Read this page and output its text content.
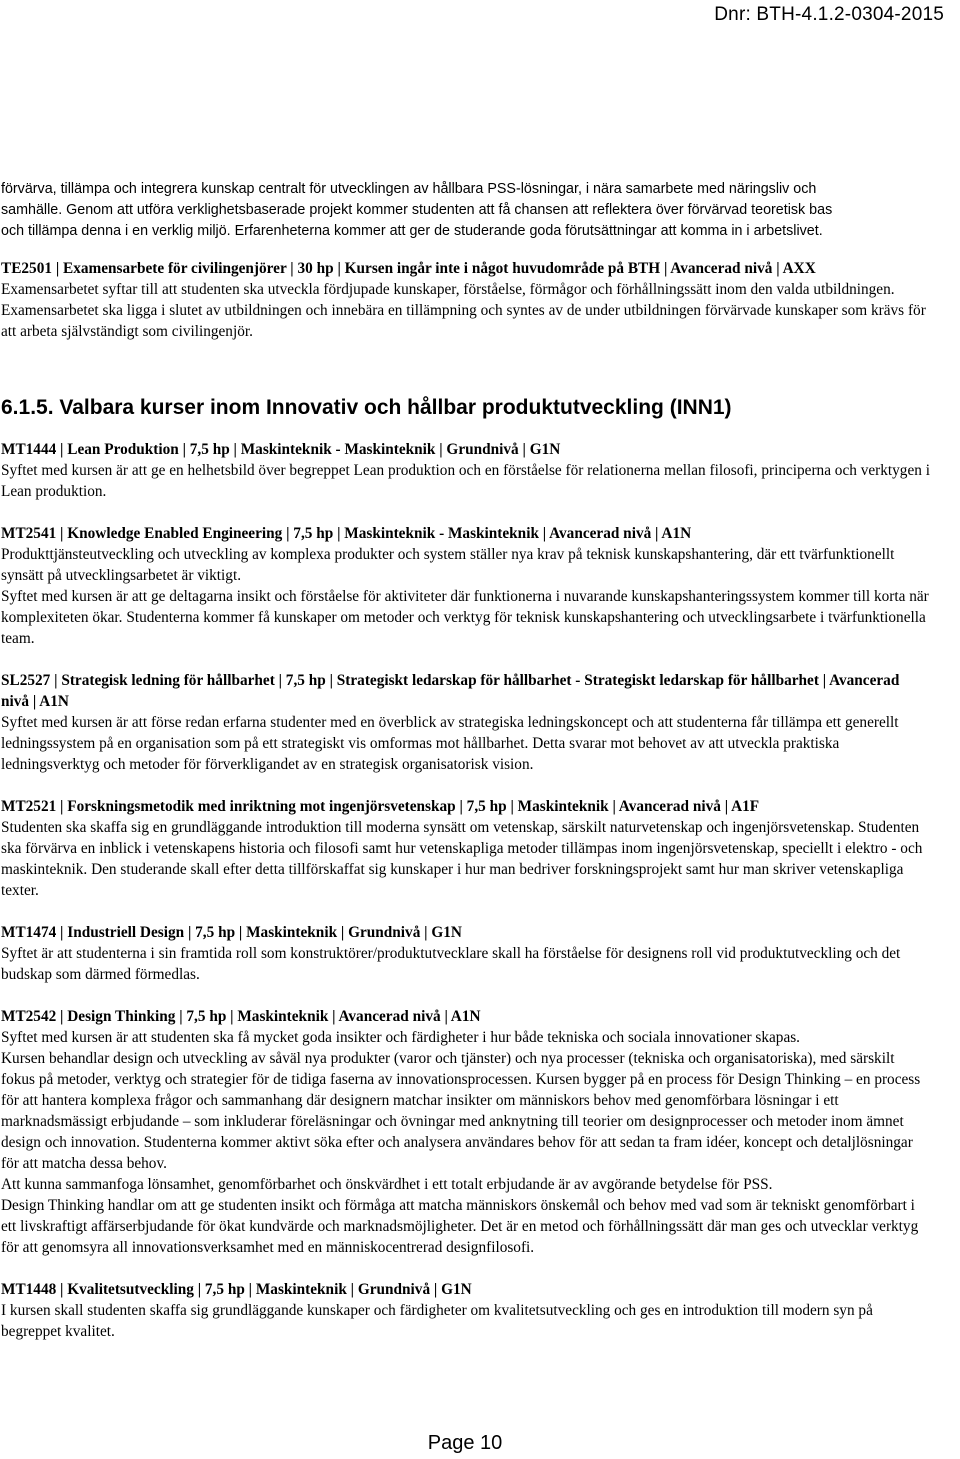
Dnr: BTH-4.1.2-0304-2015

förvärva, tillämpa och integrera kunskap centralt för utvecklingen av hållbara PSS-lösningar, i nära samarbete med näringsliv och

samhälle. Genom att utföra verklighetsbaserade projekt kommer studenten att få chansen att reflektera över förvärvad teoretisk bas

och tillämpa denna i en verklig miljö. Erfarenheterna kommer att ger de studerande goda förutsättningar att komma in i arbetslivet.

TE2501 | Examensarbete för civilingenjörer | 30 hp | Kursen ingår inte i något huvudområde på BTH | Avancerad nivå | AXX

Examensarbetet syftar till att studenten ska utveckla fördjupade kunskaper, förståelse, förmågor och förhållningssätt inom den valda utbildningen. Examensarbetet ska ligga i slutet av utbildningen och innebära en tillämpning och syntes av de under utbildningen förvärvade kunskaper som krävs för att arbeta självständigt som civilingenjör.

6.1.5. Valbara kurser inom Innovativ och hållbar produktutveckling (INN1)

MT1444 | Lean Produktion | 7,5 hp | Maskinteknik - Maskinteknik | Grundnivå | G1N

Syftet med kursen är att ge en helhetsbild över begreppet Lean produktion och en förståelse för relationerna mellan filosofi, principerna och verktygen i Lean produktion.

MT2541 | Knowledge Enabled Engineering | 7,5 hp | Maskinteknik - Maskinteknik | Avancerad nivå | A1N

Produkttjänsteutveckling och utveckling av komplexa produkter och system ställer nya krav på teknisk kunskapshantering, där ett tvärfunktionellt synsätt på utvecklingsarbetet är viktigt.

Syftet med kursen är att ge deltagarna insikt och förståelse för aktiviteter där funktionerna i nuvarande kunskapshanteringssystem kommer till korta när komplexiteten ökar. Studenterna kommer få kunskaper om metoder och verktyg för teknisk kunskapshantering och utvecklingsarbete i tvärfunktionella team.

SL2527 | Strategisk ledning för hållbarhet | 7,5 hp | Strategiskt ledarskap för hållbarhet - Strategiskt ledarskap för hållbarhet | Avancerad nivå | A1N

Syftet med kursen är att förse redan erfarna studenter med en överblick av strategiska ledningskoncept och att studenterna får tillämpa ett generellt ledningssystem på en organisation som på ett strategiskt vis omformas mot hållbarhet. Detta svarar mot behovet av att utveckla praktiska ledningsverktyg och metoder för förverkligandet av en strategisk organisatorisk vision.

MT2521 | Forskningsmetodik med inriktning mot ingenjörsvetenskap | 7,5 hp | Maskinteknik | Avancerad nivå | A1F

Studenten ska skaffa sig en grundläggande introduktion till moderna synsätt om vetenskap, särskilt naturvetenskap och ingenjörsvetenskap. Studenten ska förvärva en inblick i vetenskapens historia och filosofi samt hur vetenskapliga metoder tillämpas inom ingenjörsvetenskap, speciellt i elektro - och maskinteknik. Den studerande skall efter detta tillförskaffat sig kunskaper i hur man bedriver forskningsprojekt samt hur man skriver vetenskapliga texter.

MT1474 | Industriell Design | 7,5 hp | Maskinteknik | Grundnivå | G1N

Syftet är att studenterna i sin framtida roll som konstruktörer/produktutvecklare skall ha förståelse för designens roll vid produktutveckling och det budskap som därmed förmedlas.

MT2542 | Design Thinking | 7,5 hp | Maskinteknik | Avancerad nivå | A1N

Syftet med kursen är att studenten ska få mycket goda insikter och färdigheter i hur både tekniska och sociala innovationer skapas.

Kursen behandlar design och utveckling av såväl nya produkter (varor och tjänster) och nya processer (tekniska och organisatoriska), med särskilt fokus på metoder, verktyg och strategier för de tidiga faserna av innovationsprocessen. Kursen bygger på en process för Design Thinking – en process för att hantera komplexa frågor och sammanhang där designern matchar insikter om människors behov med genomförbara lösningar i ett marknadsmässigt erbjudande – som inkluderar föreläsningar och övningar med anknytning till teorier om designprocesser och metoder inom ämnet design och innovation. Studenterna kommer aktivt söka efter och analysera användares behov för att sedan ta fram idéer, koncept och detaljlösningar för att matcha dessa behov.

Att kunna sammanfoga lönsamhet, genomförbarhet och önskvärdhet i ett totalt erbjudande är av avgörande betydelse för PSS.

Design Thinking handlar om att ge studenten insikt och förmåga att matcha människors önskemål och behov med vad som är tekniskt genomförbart i ett livskraftigt affärserbjudande för ökat kundvärde och marknadsmöjligheter. Det är en metod och förhållningssätt där man ges och utvecklar verktyg för att genomsyra all innovationsverksamhet med en människocentrerad designfilosofi.

MT1448 | Kvalitetsutveckling | 7,5 hp | Maskinteknik | Grundnivå | G1N

I kursen skall studenten skaffa sig grundläggande kunskaper och färdigheter om kvalitetsutveckling och ges en introduktion till modern syn på begreppet kvalitet.

Page 10
